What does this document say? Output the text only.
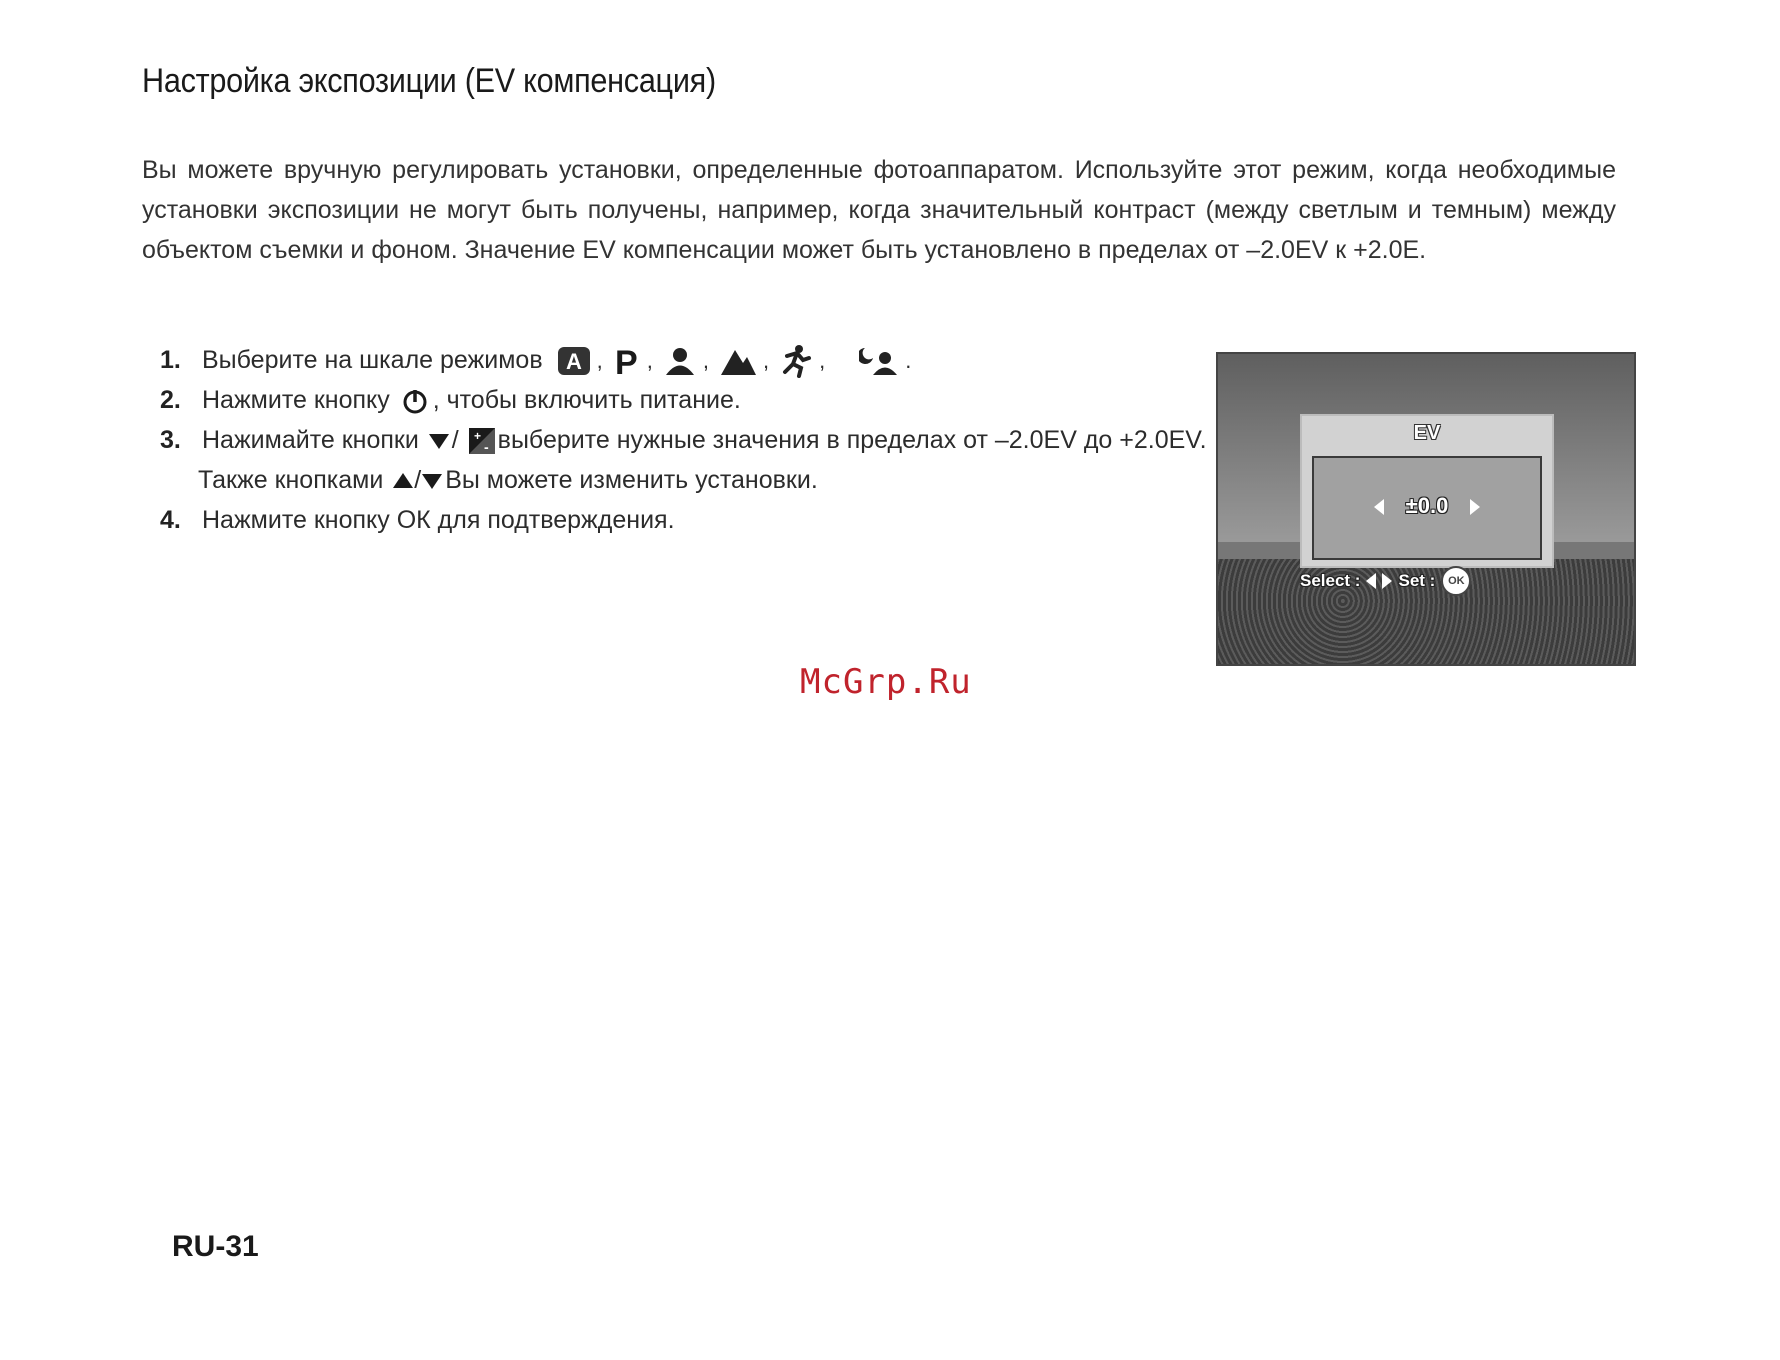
Настройка экспозиции (EV компенсация)

Вы можете вручную регулировать установки, определенные фотоаппаратом. Используйте этот режим, когда необходимые установки экспозиции не могут быть получены, например, когда значительный контраст (между светлым и темным) между объектом съемки и фоном. Значение EV компенсации может быть установлено в пределах от –2.0EV к +2.0E.

1. Выберите на шкале режимов A , P , , , ,	.
2. Нажмите кнопку , чтобы включить питание.
3. Нажимайте кнопки / +
- выберите нужные значения в пределах от –2.0EV до +2.0EV.
Также кнопками /Вы можете изменить установки.
4. Нажмите кнопку ОК для подтверждения.
EV
±0.0
Select : Set :	OK
McGrp.Ru
RU-31
